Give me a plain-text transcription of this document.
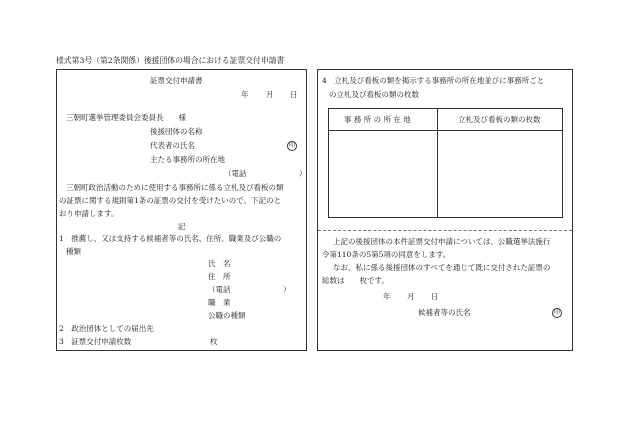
様式第3号（第2条関係）後援団体の場合における証票交付申請書
証票交付申請書
年 月 日
三朝町選挙管理委員会委員長　　様
後援団体の名称
代表者の氏名	印
主たる事務所の所在地
（電話　　　　　　　）
三朝町政治活動のために使用する事務所に係る立札及び看板の類
の証票に関する規則第1条の証票の交付を受けたいので、下記のと
おり申請します。
記
1　推薦し、又は支持する候補者等の氏名、住所、職業及び公職の
種類
氏　名
住　所
（電話　　　　　　　）
職　業
公職の種類
2　政治団体としての届出先
3　証票交付申請枚数	枚
4　立札及び看板の類を掲示する事務所の所在地並びに事務所ごと
の立札及び看板の類の枚数
事 務 所 の 所 在 地	立札及び看板の類の枚数
上記の後援団体の本件証票交付申請については、公職選挙法施行
令第110条の5第5項の同意をします。
なお、私に係る後援団体のすべてを通じて既に交付された証票の
総数は　　枚です。
年 月 日
候補者等の氏名	印
